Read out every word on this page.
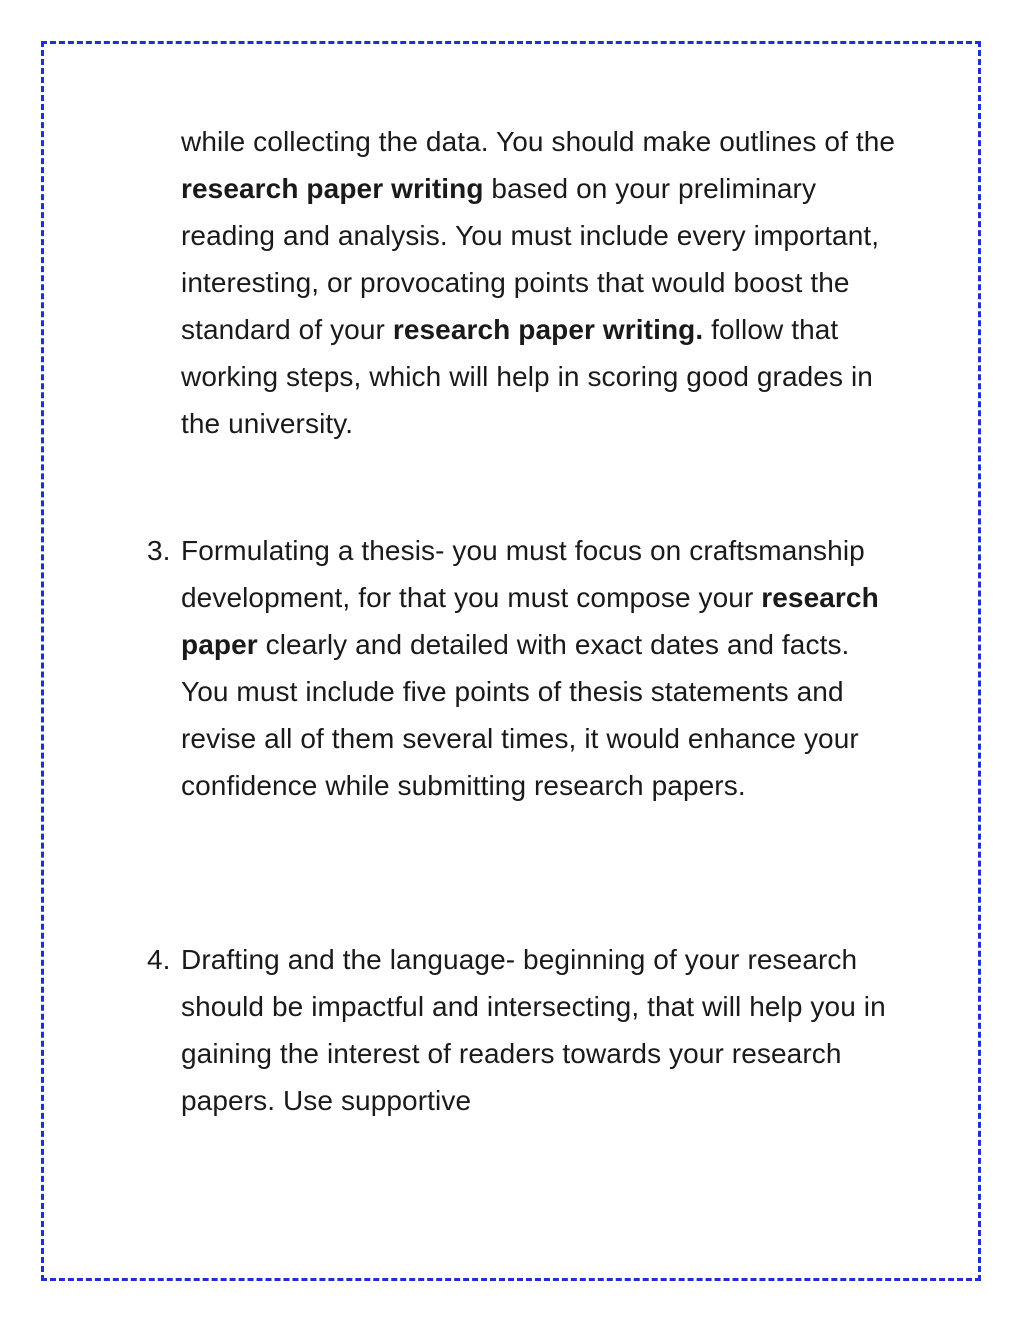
while collecting the data. You should make outlines of the research paper writing based on your preliminary reading and analysis. You must include every important, interesting, or provocating points that would boost the standard of your research paper writing. follow that working steps, which will help in scoring good grades in the university.

3. Formulating a thesis- you must focus on craftsmanship development, for that you must compose your research paper clearly and detailed with exact dates and facts. You must include five points of thesis statements and revise all of them several times, it would enhance your confidence while submitting research papers.

4. Drafting and the language- beginning of your research should be impactful and intersecting, that will help you in gaining the interest of readers towards your research papers. Use supportive
